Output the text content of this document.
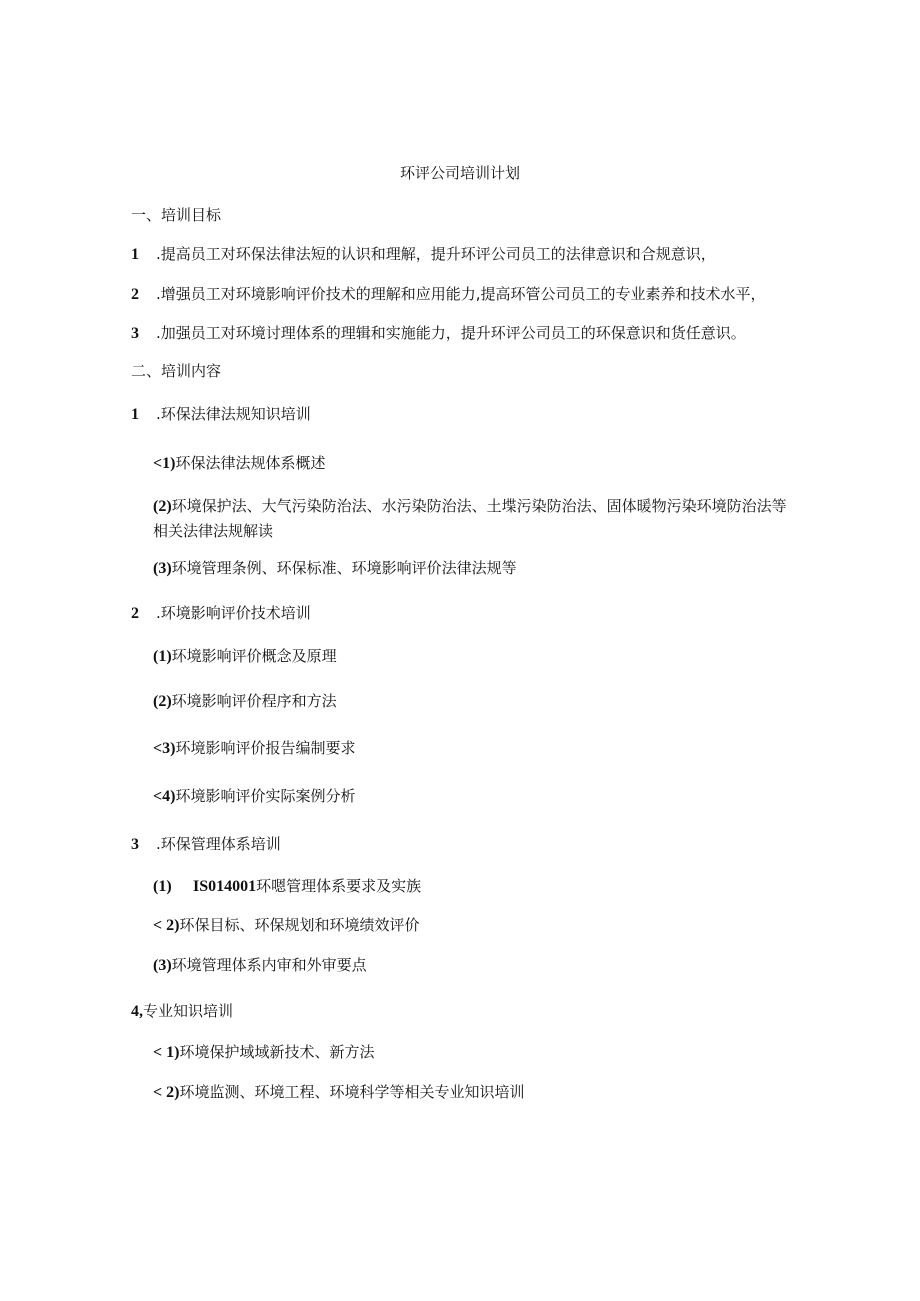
环评公司培训计划
一、培训目标
1 .提高员工对环保法律法短的认识和理解，提升环评公司员工的法律意识和合规意识，
2 .增强员工对环境影响评价技术的理解和应用能力,提高环管公司员工的专业素养和技术水平，
3 .加强员工对环境讨理体系的理辑和实施能力，提升环评公司员工的环保意识和货任意识。
二、培训内容
1 .环保法律法规知识培训
<1)环保法律法规体系概述
(2)环境保护法、大气污染防治法、水污染防治法、土堞污染防治法、固体暖物污染环境防治法等相关法律法规解读
(3)环境管理条例、环保标准、环境影响评价法律法规等
2 .环境影响评价技术培训
(1)环境影响评价概念及原理
(2)环境影响评价程序和方法
<3)环境影响评价报告编制要求
<4)环境影响评价实际案例分析
3 .环保管理体系培训
(1) IS014001环嗯管理体系要求及实族
< 2)环保目标、环保规划和环境绩效评价
(3)环境管理体系内审和外审要点
4,专业知识培训
< 1)环境保护域域新技术、新方法
< 2)环境监测、环境工程、环境科学等相关专业知识培训
